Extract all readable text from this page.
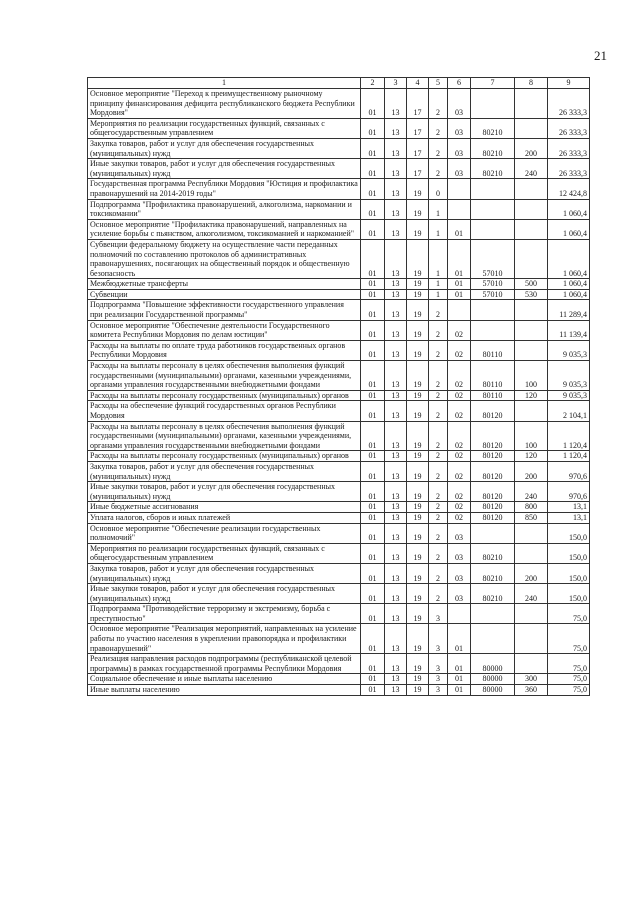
21
1	2	3	4	5	6	7	8	9
Основное мероприятие "Переход к преимущественному рыночному принципу финансирования дефицита республиканского бюджета Республики Мордовия"	01	13	17	2	03			26 333,3
Мероприятия по реализации государственных функций, связанных с общегосударственным управлением	01	13	17	2	03	80210		26 333,3
Закупка товаров, работ и услуг для обеспечения государственных (муниципальных) нужд	01	13	17	2	03	80210	200	26 333,3
Иные закупки товаров, работ и услуг для обеспечения государственных (муниципальных) нужд	01	13	17	2	03	80210	240	26 333,3
Государственная программа Республики Мордовия "Юстиция и профилактика правонарушений на 2014-2019 годы"	01	13	19	0				12 424,8
Подпрограмма "Профилактика правонарушений, алкоголизма, наркомании и токсикомании"	01	13	19	1				1 060,4
Основное мероприятие "Профилактика правонарушений, направленных на усиление борьбы с пьянством, алкоголизмом, токсикоманией и наркоманией"	01	13	19	1	01			1 060,4
Субвенции федеральному бюджету на осуществление части переданных полномочий по составлению протоколов об административных правонарушениях, посягающих на общественный порядок и общественную безопасность	01	13	19	1	01	57010		1 060,4
Межбюджетные трансферты	01	13	19	1	01	57010	500	1 060,4
Субвенции	01	13	19	1	01	57010	530	1 060,4
Подпрограмма "Повышение эффективности государственного управления при реализации Государственной программы"	01	13	19	2				11 289,4
Основное мероприятие "Обеспечение деятельности Государственного комитета Республики Мордовия по делам юстиции"	01	13	19	2	02			11 139,4
Расходы на выплаты по оплате труда работников государственных органов Республики Мордовия	01	13	19	2	02	80110		9 035,3
Расходы на выплаты персоналу в целях обеспечения выполнения функций государственными (муниципальными) органами, казенными учреждениями, органами управления государственными внебюджетными фондами	01	13	19	2	02	80110	100	9 035,3
Расходы на выплаты персоналу государственных (муниципальных) органов	01	13	19	2	02	80110	120	9 035,3
Расходы на обеспечение функций государственных органов Республики Мордовия	01	13	19	2	02	80120		2 104,1
Расходы на выплаты персоналу в целях обеспечения выполнения функций государственными (муниципальными) органами, казенными учреждениями, органами управления государственными внебюджетными фондами	01	13	19	2	02	80120	100	1 120,4
Расходы на выплаты персоналу государственных (муниципальных) органов	01	13	19	2	02	80120	120	1 120,4
Закупка товаров, работ и услуг для обеспечения государственных (муниципальных) нужд	01	13	19	2	02	80120	200	970,6
Иные закупки товаров, работ и услуг для обеспечения государственных (муниципальных) нужд	01	13	19	2	02	80120	240	970,6
Иные бюджетные ассигнования	01	13	19	2	02	80120	800	13,1
Уплата налогов, сборов и иных платежей	01	13	19	2	02	80120	850	13,1
Основное мероприятие "Обеспечение реализации государственных полномочий"	01	13	19	2	03			150,0
Мероприятия по реализации государственных функций, связанных с общегосударственным управлением	01	13	19	2	03	80210		150,0
Закупка товаров, работ и услуг для обеспечения государственных (муниципальных) нужд	01	13	19	2	03	80210	200	150,0
Иные закупки товаров, работ и услуг для обеспечения государственных (муниципальных) нужд	01	13	19	2	03	80210	240	150,0
Подпрограмма "Противодействие терроризму и экстремизму, борьба с преступностью"	01	13	19	3				75,0
Основное мероприятие "Реализация мероприятий, направленных на усиление работы по участию населения в укреплении правопорядка и профилактики правонарушений"	01	13	19	3	01			75,0
Реализация направления расходов подпрограммы (республиканской целевой программы) в рамках государственной программы Республики Мордовия	01	13	19	3	01	80000		75,0
Социальное обеспечение и иные выплаты населению	01	13	19	3	01	80000	300	75,0
Иные выплаты населению	01	13	19	3	01	80000	360	75,0
